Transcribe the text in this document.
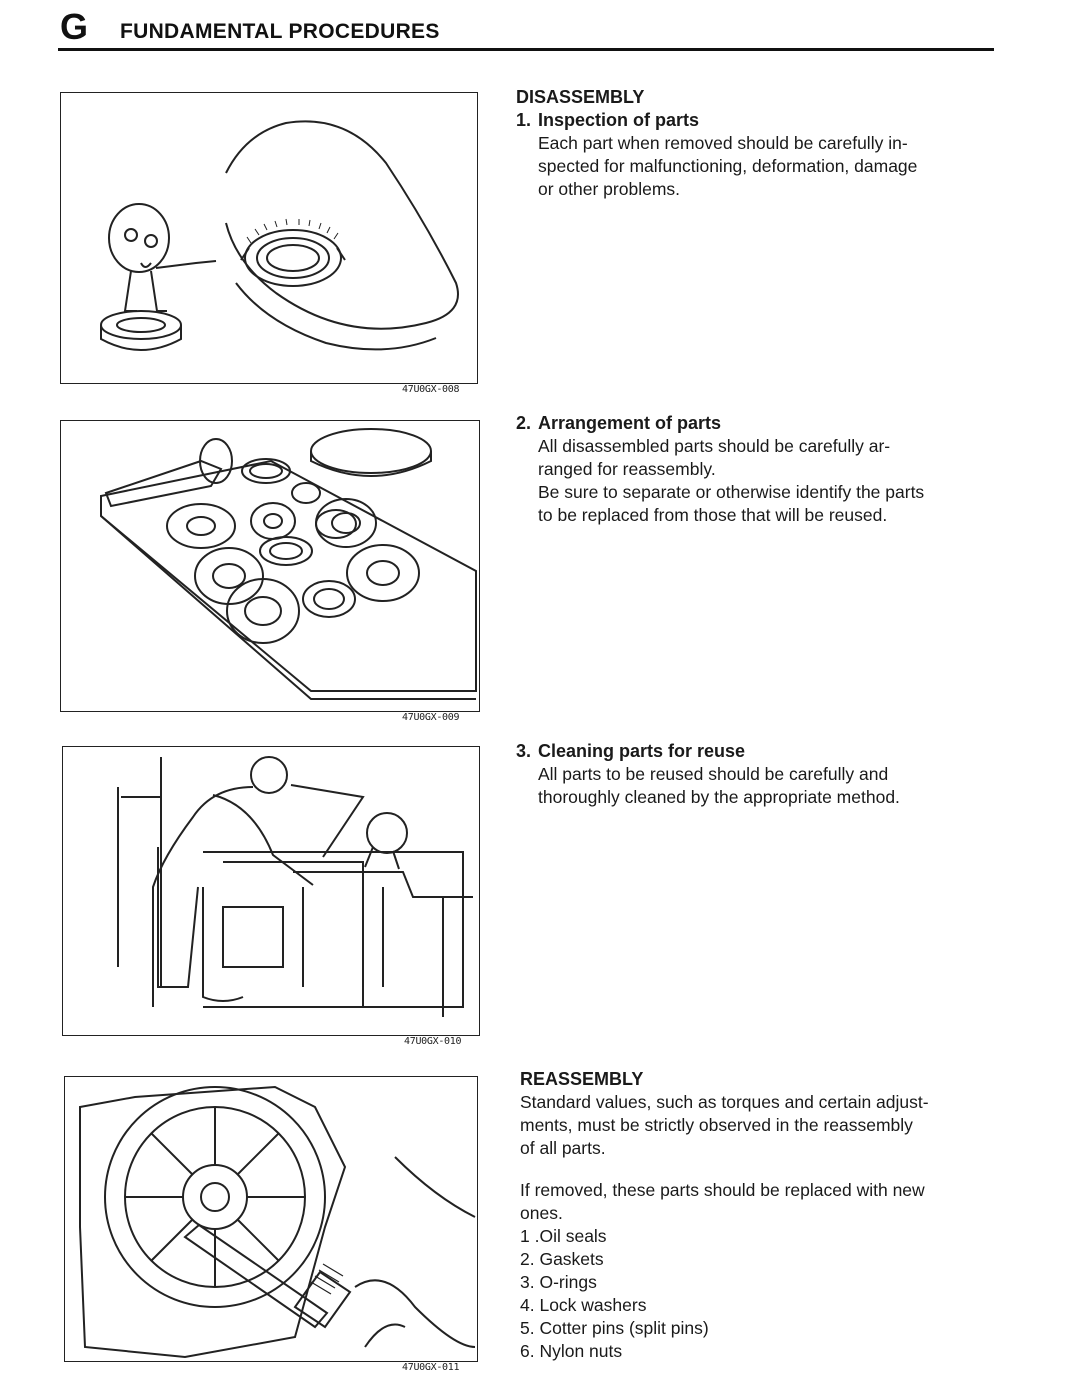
G FUNDAMENTAL PROCEDURES
47U0GX-008
47U0GX-009
47U0GX-010
47U0GX-011
DISASSEMBLY
1. Inspection of parts

Each part when removed should be carefully in-

spected for malfunctioning, deformation, damage

or other problems.

2. Arrangement of parts

All disassembled parts should be carefully ar-

ranged for reassembly.

Be sure to separate or otherwise identify the parts

to be replaced from those that will be reused.

3. Cleaning parts for reuse

All parts to be reused should be carefully and

thoroughly cleaned by the appropriate method.

REASSEMBLY

Standard values, such as torques and certain adjust-

ments, must be strictly observed in the reassembly

of all parts.

If removed, these parts should be replaced with new

ones.

1 .Oil seals
2. Gaskets
3. O-rings
4. Lock washers
5. Cotter pins (split pins)
6. Nylon nuts
